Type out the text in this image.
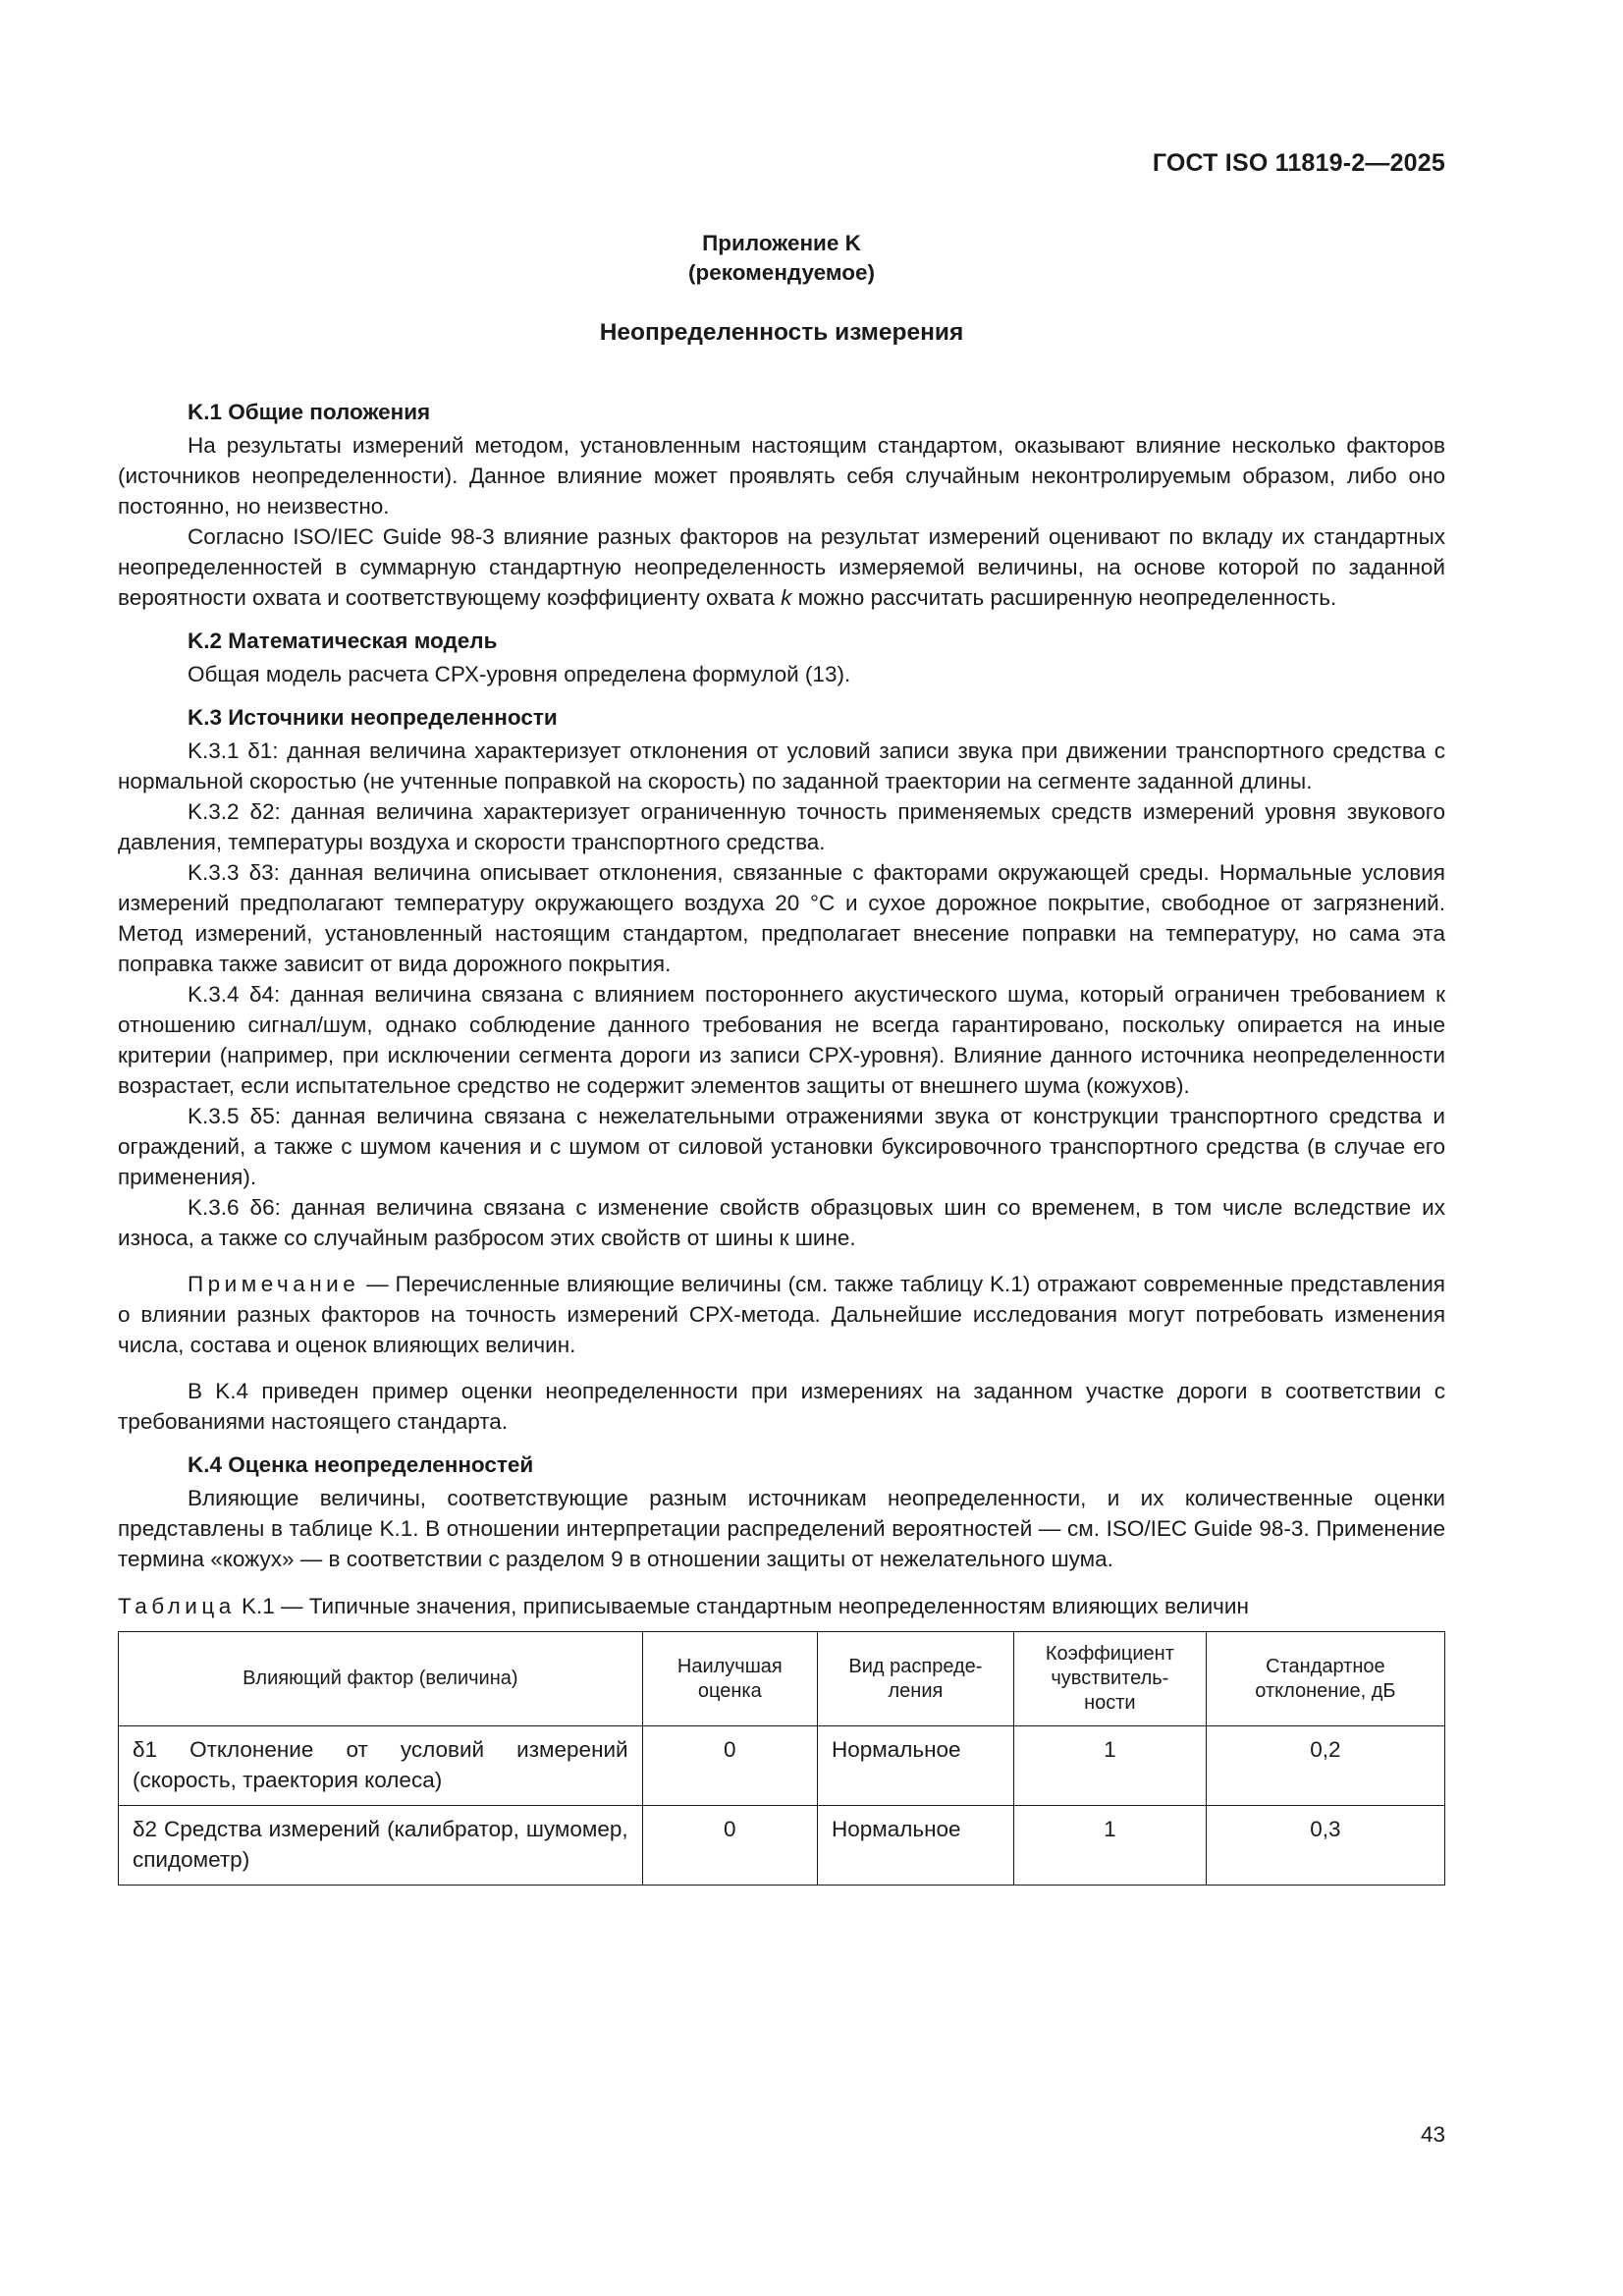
ГОСТ ISO 11819-2—2025
Приложение K
(рекомендуемое)
Неопределенность измерения
K.1 Общие положения

На результаты измерений методом, установленным настоящим стандартом, оказывают влияние несколько факторов (источников неопределенности). Данное влияние может проявлять себя случайным неконтролируемым образом, либо оно постоянно, но неизвестно.

Согласно ISO/IEC Guide 98-3 влияние разных факторов на результат измерений оценивают по вкладу их стандартных неопределенностей в суммарную стандартную неопределенность измеряемой величины, на основе которой по заданной вероятности охвата и соответствующему коэффициенту охвата k можно рассчитать расширенную неопределенность.

K.2 Математическая модель

Общая модель расчета СРХ-уровня определена формулой (13).

K.3 Источники неопределенности

K.3.1 δ1: данная величина характеризует отклонения от условий записи звука при движении транспортного средства с нормальной скоростью (не учтенные поправкой на скорость) по заданной траектории на сегменте заданной длины.

K.3.2 δ2: данная величина характеризует ограниченную точность применяемых средств измерений уровня звукового давления, температуры воздуха и скорости транспортного средства.

K.3.3 δ3: данная величина описывает отклонения, связанные с факторами окружающей среды. Нормальные условия измерений предполагают температуру окружающего воздуха 20 °С и сухое дорожное покрытие, свободное от загрязнений. Метод измерений, установленный настоящим стандартом, предполагает внесение поправки на температуру, но сама эта поправка также зависит от вида дорожного покрытия.

K.3.4 δ4: данная величина связана с влиянием постороннего акустического шума, который ограничен требованием к отношению сигнал/шум, однако соблюдение данного требования не всегда гарантировано, поскольку опирается на иные критерии (например, при исключении сегмента дороги из записи СРХ-уровня). Влияние данного источника неопределенности возрастает, если испытательное средство не содержит элементов защиты от внешнего шума (кожухов).

K.3.5 δ5: данная величина связана с нежелательными отражениями звука от конструкции транспортного средства и ограждений, а также с шумом качения и с шумом от силовой установки буксировочного транспортного средства (в случае его применения).

K.3.6 δ6: данная величина связана с изменение свойств образцовых шин со временем, в том числе вследствие их износа, а также со случайным разбросом этих свойств от шины к шине.

Примечание — Перечисленные влияющие величины (см. также таблицу K.1) отражают современные представления о влиянии разных факторов на точность измерений СРХ-метода. Дальнейшие исследования могут потребовать изменения числа, состава и оценок влияющих величин.

В K.4 приведен пример оценки неопределенности при измерениях на заданном участке дороги в соответствии с требованиями настоящего стандарта.

K.4 Оценка неопределенностей

Влияющие величины, соответствующие разным источникам неопределенности, и их количественные оценки представлены в таблице K.1. В отношении интерпретации распределений вероятностей — см. ISO/IEC Guide 98-3. Применение термина «кожух» — в соответствии с разделом 9 в отношении защиты от нежелательного шума.

Таблица K.1 — Типичные значения, приписываемые стандартным неопределенностям влияющих величин
Влияющий фактор (величина)	Наилучшая оценка	Вид распреде-ления	Коэффициент чувствитель-ности	Стандартное отклонение, дБ
δ1 Отклонение от условий измерений (скорость, траектория колеса)	0	Нормальное	1	0,2
δ2 Средства измерений (калибратор, шумомер, спидометр)	0	Нормальное	1	0,3
43
